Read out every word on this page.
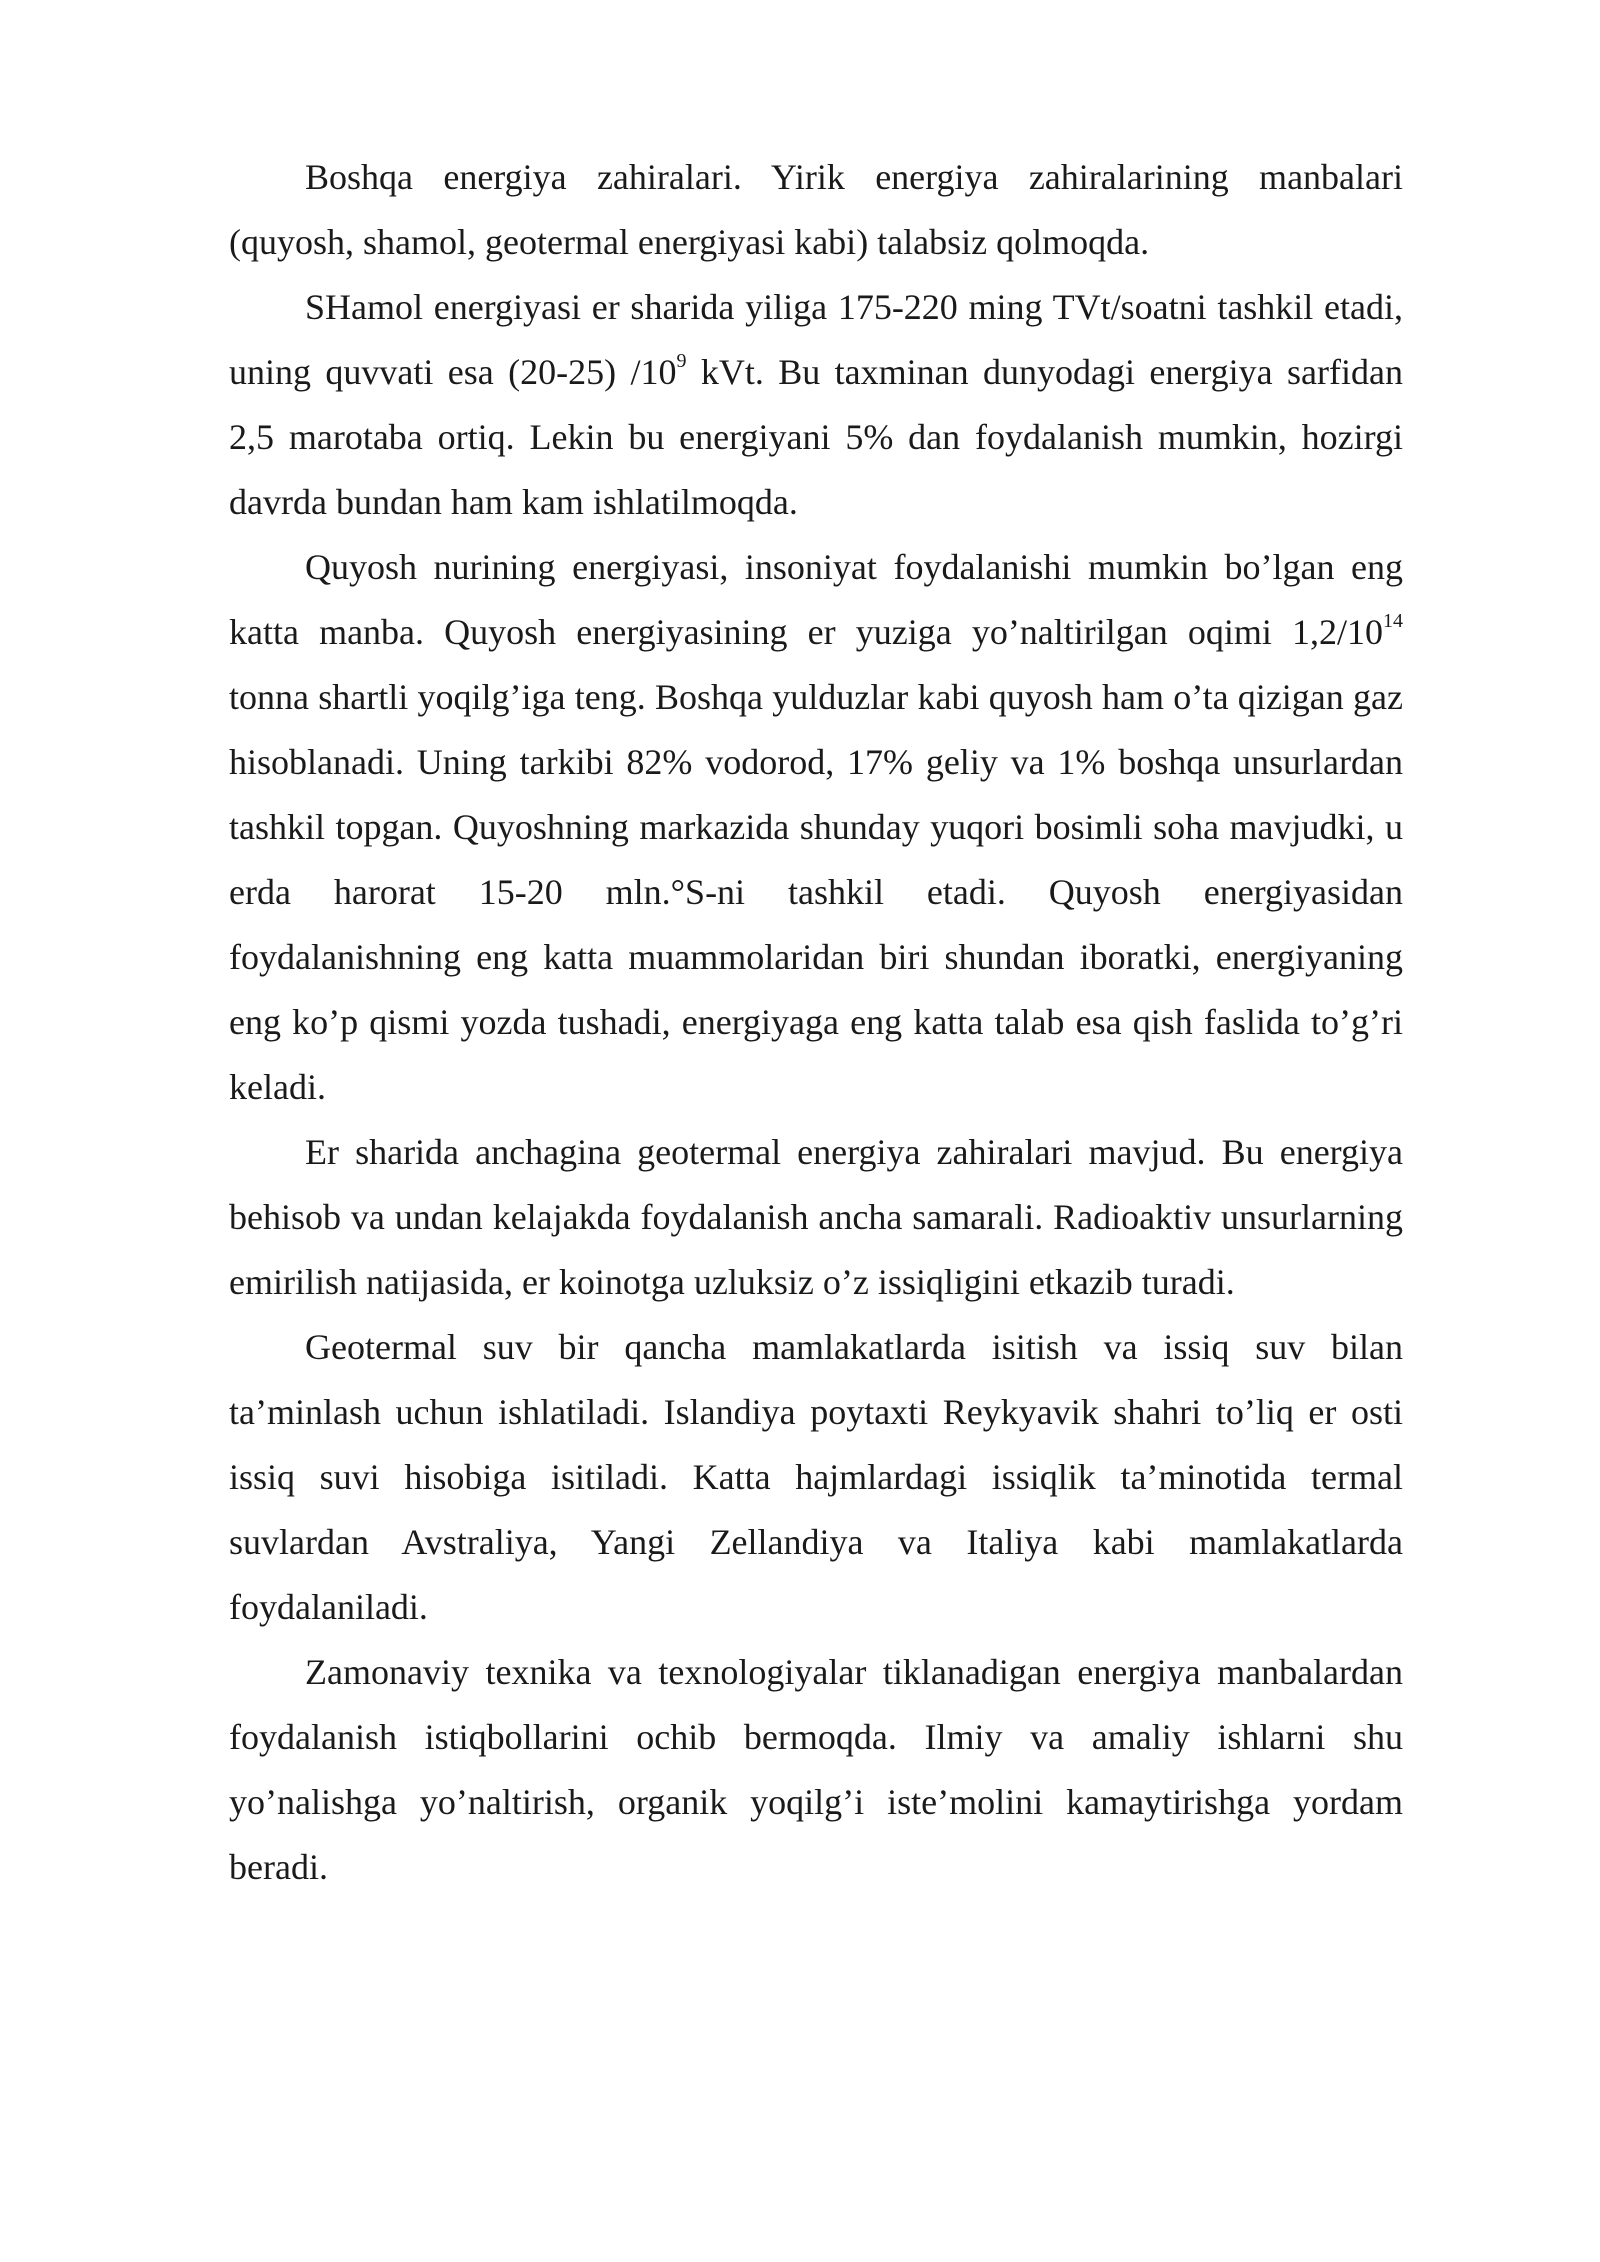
Boshqa energiya zahiralari. Yirik energiya zahiralarining manbalari (quyosh, shamol, geotermal energiyasi kabi) talabsiz qolmoqda.

SHamol energiyasi er sharida yiliga 175-220 ming TVt/soatni tashkil etadi, uning quvvati esa (20-25) $/10^9$ kVt. Bu taxminan dunyodagi energiya sarfidan 2,5 marotaba ortiq. Lekin bu energiyani 5% dan foydalanish mumkin, hozirgi davrda bundan ham kam ishlatilmoqda.

Quyosh nurining energiyasi, insoniyat foydalanishi mumkin bo’lgan eng katta manba. Quyosh energiyasining er yuziga yo’naltirilgan oqimi $1,2/10^{14}$ tonna shartli yoqilg’iga teng. Boshqa yulduzlar kabi quyosh ham o’ta qizigan gaz hisoblanadi. Uning tarkibi 82% vodorod, 17% geliy va 1% boshqa unsurlardan tashkil topgan. Quyoshning markazida shunday yuqori bosimli soha mavjudki, u erda harorat 15-20 mln.°S-ni tashkil etadi. Quyosh energiyasidan foydalanishning eng katta muammolaridan biri shundan iboratki, energiyaning eng ko’p qismi yozda tushadi, energiyaga eng katta talab esa qish faslida to’g’ri keladi.

Er sharida anchagina geotermal energiya zahiralari mavjud. Bu energiya behisob va undan kelajakda foydalanish ancha samarali. Radioaktiv unsurlarning emirilish natijasida, er koinotga uzluksiz o’z issiqligini etkazib turadi.

Geotermal suv bir qancha mamlakatlarda isitish va issiq suv bilan ta’minlash uchun ishlatiladi. Islandiya poytaxti Reykyavik shahri to’liq er osti issiq suvi hisobiga isitiladi. Katta hajmlardagi issiqlik ta’minotida termal suvlardan Avstraliya, Yangi Zellandiya va Italiya kabi mamlakatlarda foydalaniladi.

Zamonaviy texnika va texnologiyalar tiklanadigan energiya manbalardan foydalanish istiqbollarini ochib bermoqda. Ilmiy va amaliy ishlarni shu yo’nalishga yo’naltirish, organik yoqilg’i iste’molini kamaytirishga yordam beradi.
